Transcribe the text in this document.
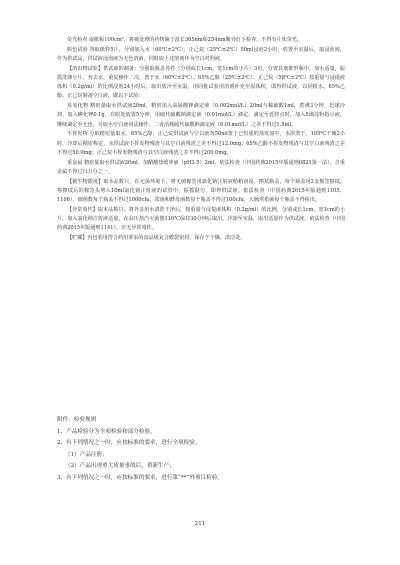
荧光检查 取纸板100cm²，将被处理的药物铺于波长365nm和254nm紫外灯下检查，不得有片状荧光。

脱色试验 各取纸样5片，分别加入水（60℃±2℃）、正己烷（25℃±2℃）50ml浸泡2小时，放置至室温后，取浸泡液，作为供试品，供试液浸泡液为无色溶液，同时取上述溶剂作为空白对照液。

【溶出物试验】供试液的制备：分别取瓶盖各件（分别或长1cm，宽1cm的小片）3份，分置具塞锥形瓶中，加水适量，振摇洗涤小片，弃去水，重复操作二次，置于水（60℃±2℃）、65%乙醇（25℃±2℃）、正己烷（58℃±2℃）按重量与浸提液体积（0.2g/ml）的比例浸泡24小时后，取出放冷至室温，用同批试验用溶剂补充至原体积，即得供试液，以同批水、65%乙醇、正己烷制备空白液，做以下试验：

易氧化物 精密量取水供试液20ml，精密加入高锰酸钾滴定液（0.002mol/L）20ml与稀硫酸1ml，煮沸3分钟，迅速冷却，加入碘化钾0.1g，在暗处放置5分钟，用硫代硫酸钠滴定液（0.01mol/L）滴定，滴定至近终点时，加入5滴淀粉指示液，继续滴定至无色，另取水空白液同法操作，二者消耗硫代硫酸钠滴定液（0.01mol/L）之差不得过1.5ml。

不挥发物 分取精密量取水、65%乙醇、正己烷供试液与空白液各50ml置于已恒重的蒸发皿中，水浴蒸干，105℃干燥2小时，冷却后精密称定，水供试液不挥发物残渣与其空白液残渣之差不得过12.0mg；65%乙醇不挥发物残渣与其空白液残渣之差不得过50.0mg；正己烷不挥发物残渣与其空白液残渣之差不得过200.0mg。

重金属 精密量取水供试液20ml，加醋酸盐缓冲液（pH3.5）2ml，依法检查（中国药典2015年版通则0821第一法），含重金属不得过百万分之一。

【微生物限度】取本品数只，在无菌环境下，将无菌棉签用氯化钠注射液稍稍润湿，擦拭瓶盖，每个瓶盖用2支棉签擦拭，将擦拭后的棉签头剪入10ml氯化钠注射液的试管中，振摇混匀，即得供试液。依法检查（中国药典2015年版通则1105、1106），细菌数每个瓶盖不得过1000cfu，霉菌和酵母菌数每个瓶盖不得过100cfu，大肠埃希菌每个瓶盖不得检出。

【异常毒性】取本品数只，将外盖用水清洗干净后，按重量与浸提液体积（0.2g/ml）的比例，分别或长1cm，宽1cm的小片，加入氯化钠注射液适量，在高压蒸汽灭菌器110℃保持30分钟后取出，冷却至室温，取出适量作为供试液，依法检查（中国药典2015年版通则1141），应无异常毒性。

【贮藏】内包装用符合药用要求的食品级复合膜袋密封，保存于干燥、清洁处。

附件：检验规则

1、产品检验分为全项检验和部分检验。

2、有下列情况之一时，应按标准的要求，进行全项检验。

（1）产品注册；

（2）产品出现重大质量事故后，重新生产；

3、有下列情况之一时，应按标准的要求，进行第“**”外项目检验。

211
